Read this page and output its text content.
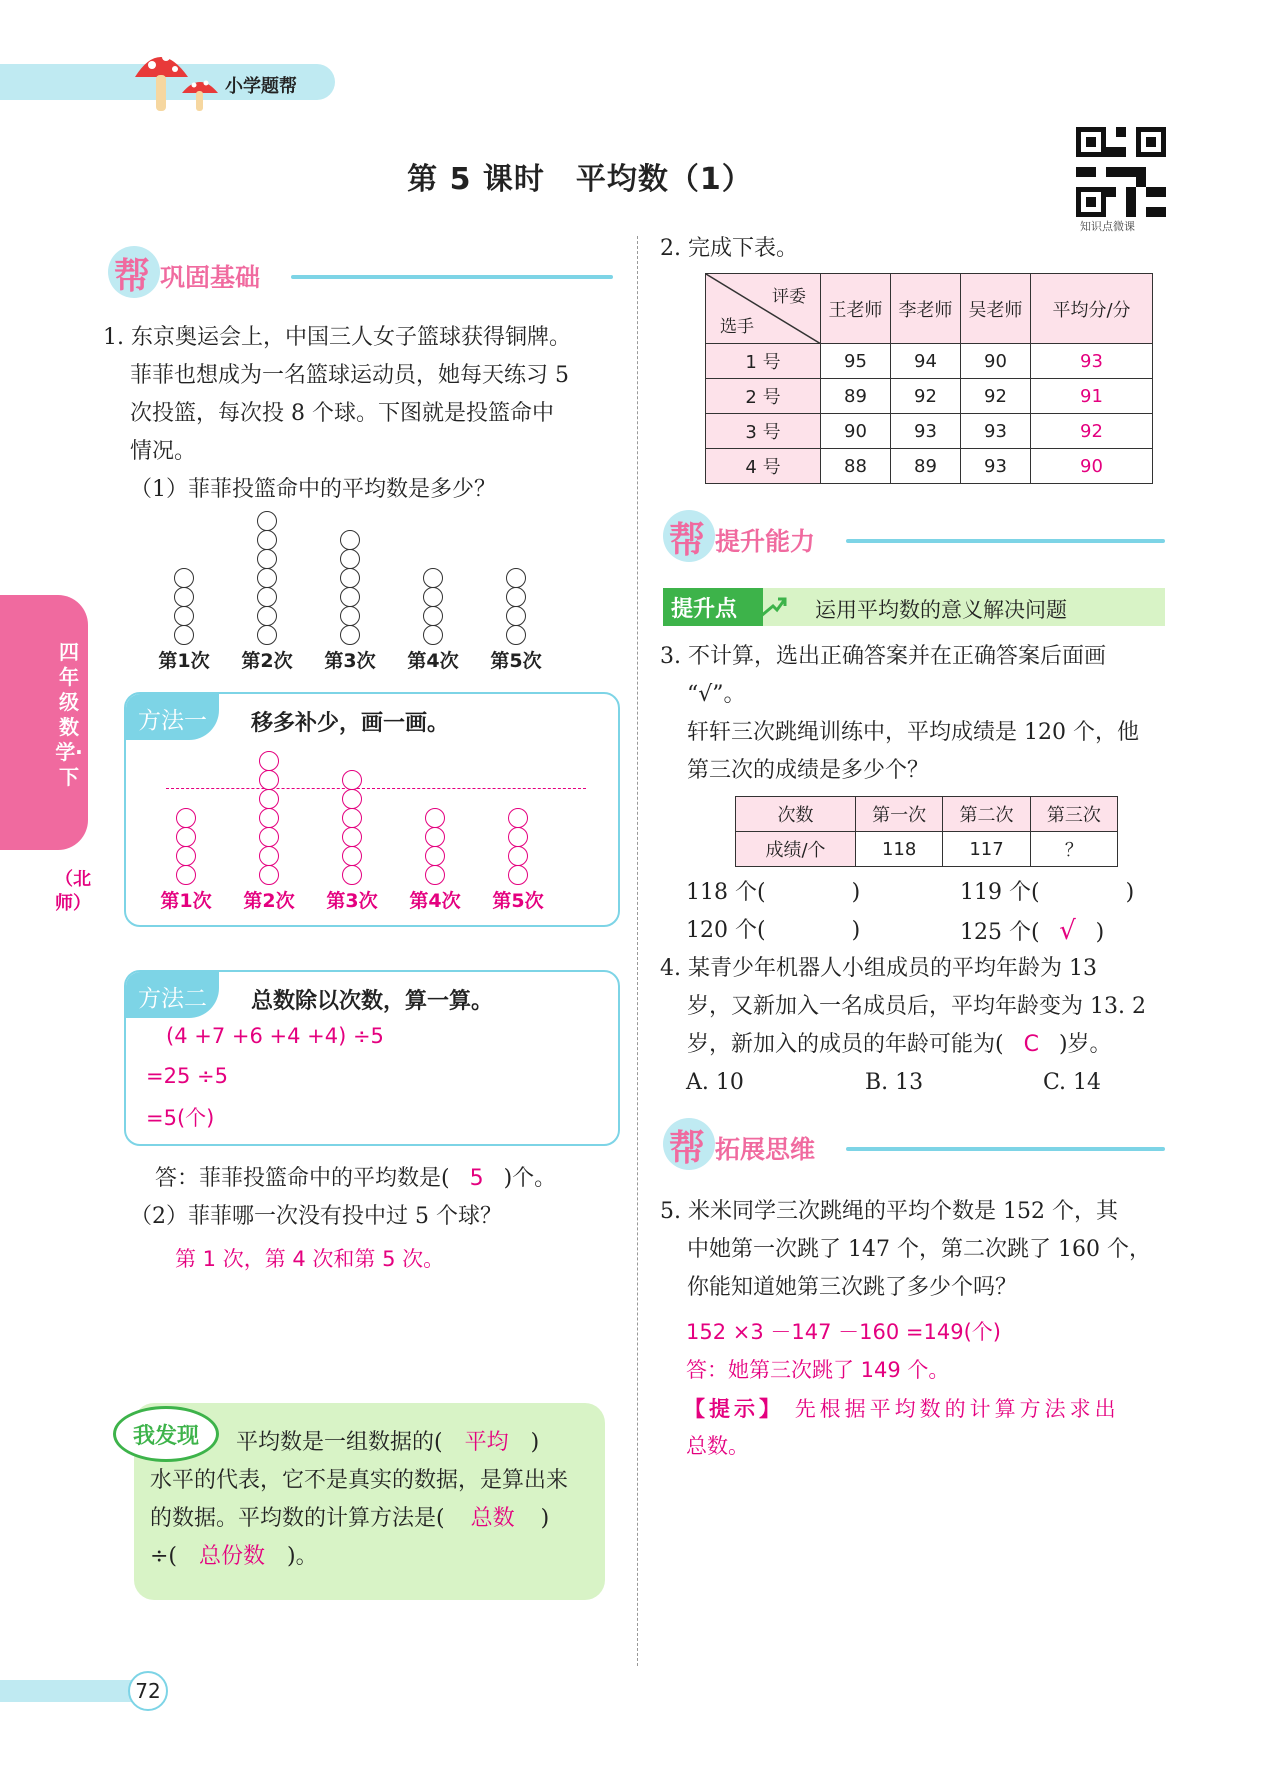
小学题帮
第 5 课时　平均数（1）
知识点微课
四年级数学·下
（北师）
帮 巩固基础
1. 东京奥运会上，中国三人女子篮球获得铜牌。
菲菲也想成为一名篮球运动员，她每天练习 5
次投篮，每次投 8 个球。下图就是投篮命中
情况。
（1）菲菲投篮命中的平均数是多少？
第1次	第2次	第3次	第4次	第5次
方法一	移多补少，画一画。
第1次	第2次	第3次	第4次	第5次
方法二	总数除以次数，算一算。
(4 +7 +6 +4 +4) ÷5
=25 ÷5
=5(个)
答：菲菲投篮命中的平均数是( 5 )个。
（2）菲菲哪一次没有投中过 5 个球？
第 1 次，第 4 次和第 5 次。
我发现	平均数是一组数据的( 平均 )
水平的代表，它不是真实的数据，是算出来
的数据。平均数的计算方法是( 总数 )
÷( 总份数 )。
2. 完成下表。
评委
选手	王老师	李老师	吴老师	平均分/分
1 号	95	94	90	93
2 号	89	92	92	91
3 号	90	93	93	92
4 号	88	89	93	90
帮 提升能力
提升点	运用平均数的意义解决问题
3. 不计算，选出正确答案并在正确答案后面画
“√”。
轩轩三次跳绳训练中，平均成绩是 120 个，他
第三次的成绩是多少个？
次数	第一次	第二次	第三次
成绩/个	118	117	？
118 个(	)	119 个(	)
120 个(	)	125 个( √ )
4. 某青少年机器人小组成员的平均年龄为 13
岁，又新加入一名成员后，平均年龄变为 13. 2
岁，新加入的成员的年龄可能为( C )岁。
A. 10	B. 13	C. 14
帮 拓展思维
5. 米米同学三次跳绳的平均个数是 152 个，其
中她第一次跳了 147 个，第二次跳了 160 个，
你能知道她第三次跳了多少个吗？
152 ×3 －147 －160 =149(个)
答：她第三次跳了 149 个。
【提示】 先根据平均数的计算方法求出
总数。
72
